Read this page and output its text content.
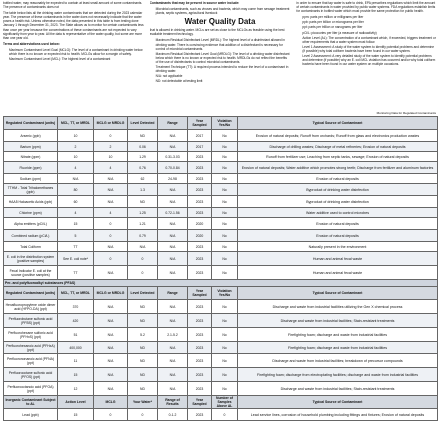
bottled water, may reasonably be expected to contain at least small amount of some contaminants. The presence of contaminants does not

The table below lists all the drinking water contaminants that we detected during the 2023 calendar year. The presence of these contaminants in the water does not necessarily indicate that the water poses a health risk. Unless otherwise noted, the data presented in this table is from testing done January 1 through December 31, 2023. The State allows us to monitor for certain contaminants less than once per year because the concentrations of these contaminants are not expected to vary significantly from year to year. All the data is representative of the water quality, but some are more than one year old.

Terms and abbreviations used below:

• Maximum Contaminant Level Goal (MCLG): The level of a contaminant in drinking water below which there is no known or expected risk to health. MCLGs allow for a margin of safety.
• Maximum Contaminant Level (MCL): The highest level of a contaminant

Contaminants that may be present in source water include:

• Microbial contaminants, such as viruses and bacteria, which may come from sewage treatment plants, septic systems, agricultural livestock
Water Quality Data

that is allowed in drinking water. MCLs are set as close to the MCLGs as feasible using the best available treatment technology.

• Maximum Residual Disinfectant Level (MRDL): The highest level of a disinfectant allowed in drinking water. There is convincing evidence that addition of a disinfectant is necessary for control of microbial contaminants.
• Maximum Residual Disinfectant Level Goal (MRDLG): The level of a drinking water disinfectant below which there is no known or expected risk to health. MRDLGs do not reflect the benefits of the use of disinfectants to control microbial contaminants.
• Treatment Technique (TT): A required process intended to reduce the level of a contaminant in drinking water.
• N/A: not applicable
• ND: not detectable at testing limit

in order to ensure that tap water is safe to drink, EPA prescribes regulations which limit the amount of certain contaminants in water provided by public water systems. FDA regulations establish limits for contaminants in bottled water which must provide the same protection for public health.

• ppm: parts per million or milligrams per liter
• ppb: parts per billion or micrograms per liter
• ppt: parts per trillion or nanograms per liter
• pCi/L: picocuries per liter (a measure of radioactivity)
• Action Level (AL): The concentration of a contaminant which, if exceeded, triggers treatment or other requirements that a water system must follow.
• Level 1 Assessment: A study of the water system to identify potential problems and determine (if possible) why total coliform bacteria have been found in our water system.
• Level 2 Assessment: A very detailed study of the water system to identify potential problems and determine (if possible) why an E. coli MCL violation has occurred and/or why total coliform bacteria have been found in our water system on multiple occasions.
Monitoring Data for Regulated Contaminants
Regulated Contaminant (units)	MCL, TT, or MRDL	MCLG or MRDLG	Level Detected	Range	Year Sampled	Violation Yes/No	Typical Source of Contaminant
Arsenic (ppb)	10	0	ND	N/A	2017	No	Erosion of natural deposits; Runoff from orchards; Runoff from glass and electronics production wastes
Barium (ppm)	2	2	0.06	N/A	2017	No	Discharge of drilling wastes; Discharge of metal refineries; Erosion of natural deposits
Nitrate (ppm)	10	10	1.29	0.31-3.03	2023	No	Runoff from fertilizer use; Leaching from septic tanks, sewage; Erosion of natural deposits
Fluoride (ppm)	4	4	0.76	0.70-0.84	2023	No	Erosion of natural deposits; Water additive which promotes strong teeth; Discharge from fertilizer and aluminum factories
Sodium (ppm)	N/A	N/A	62	24-98	2023	No	Erosion of natural deposits
TTHM - Total Trihalomethanes (ppb)	80	N/A	1.3	N/A	2023	No	Byproduct of drinking water disinfection
HAA5 Haloacetic Acids (ppb)	60	N/A	ND	N/A	2023	No	Byproduct of drinking water disinfection
Chlorine (ppm)	4	4	1.25	0.72-1.56	2023	No	Water additive used to control microbes
Alpha emitters (pCi/L)	15	0	1.21	N/A	2020	No	Erosion of natural deposits
Combined radium (pCi/L)	5	0	0.79	N/A	2020	No	Erosion of natural deposits
Total Coliform	TT	N/A	N/A	N/A	2023	No	Naturally present in the environment
E. coli in the distribution system (positive samples)	See E. coli note*	0	0	N/A	2023	No	Human and animal fecal waste
Fecal Indicator E. coli at the source (positive samples)	TT	N/A	0	N/A	2023	No	Human and animal fecal waste
Per- and polyfluoroalkyl substances (PFAS)							
Regulated Contaminant (units)	MCL, TT, or MRDL	MCLG or MRDLG	Level Detected	Range	Year Sampled	Violation Yes/No	Typical Source of Contaminant
Hexafluoropropylene oxide dimer acid (HFPO-DA) (ppt)	370	N/A	ND	N/A	2023	No	Discharge and waste from industrial facilities utilizing the Gen X chemical process
Perfluorobutane sulfonic acid (PFBS) (ppt)	420	N/A	ND	N/A	2023	No	Discharge and waste from industrial facilities; Stain-resistant treatments
Perfluorohexane sulfonic acid (PFHxS) (ppt)	51	N/A	5.2	2.1-5.2	2023	No	Firefighting foam; discharge and waste from industrial facilities
Perfluorohexanoic acid (PFHxA) (ppt)	400,000	N/A	ND	N/A	2023	No	Firefighting foam; discharge and waste from industrial facilities
Perfluorononanoic acid (PFNA) (ppt)	11	N/A	ND	N/A	2023	No	Discharge and waste from industrial facilities; breakdown of precursor compounds
Perfluorooctane sulfonic acid (PFOS) (ppt)	15	N/A	ND	N/A	2023	No	Firefighting foam; discharge from electroplating facilities; discharge and waste from industrial facilities
Perfluorooctanoic acid (PFOA) (ppt)	12	N/A	ND	N/A	2023	No	Discharge and waste from industrial facilities; Stain-resistant treatments
Inorganic Contaminant Subject to AL	Action Level	MCLG	Your Water*	Range of Results	Year Sampled	Number of Samples Above AL	Typical Source of Contaminant
Lead (ppb)	15	0	0	0-1.2	2023	0	Lead service lines, corrosion of household plumbing including fittings and fixtures; Erosion of natural deposits
